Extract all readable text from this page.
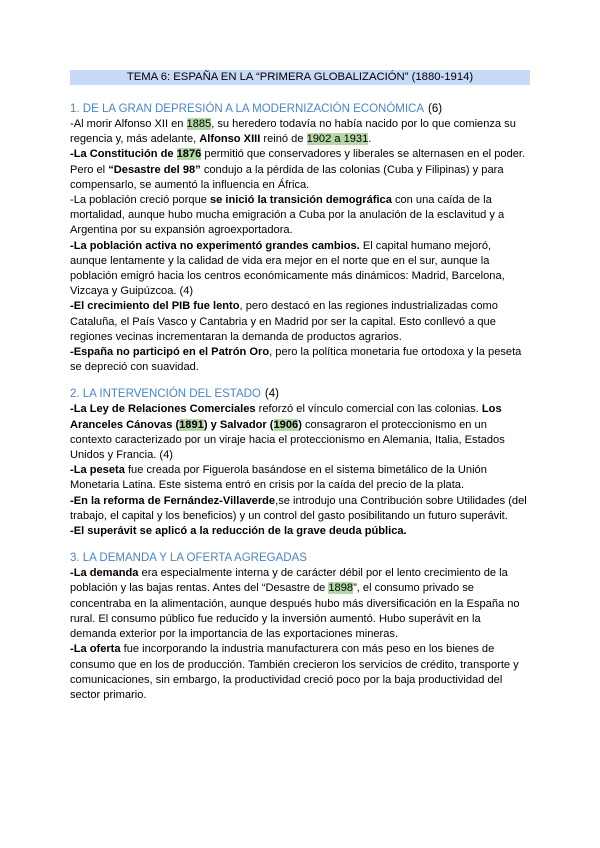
TEMA 6: ESPAÑA EN LA “PRIMERA GLOBALIZACIÓN” (1880-1914)
1. DE LA GRAN DEPRESIÓN A LA MODERNIZACIÓN ECONÓMICA (6)

-Al morir Alfonso XII en 1885, su heredero todavía no había nacido por lo que comienza su regencia y, más adelante, Alfonso XIII reinó de 1902 a 1931.

-La Constitución de 1876 permitió que conservadores y liberales se alternasen en el poder. Pero el “Desastre del 98” condujo a la pérdida de las colonias (Cuba y Filipinas) y para compensarlo, se aumentó la influencia en África.

-La población creció porque se inició la transición demográfica con una caída de la mortalidad, aunque hubo mucha emigración a Cuba por la anulación de la esclavitud y a Argentina por su expansión agroexportadora.

-La población activa no experimentó grandes cambios. El capital humano mejoró, aunque lentamente y la calidad de vida era mejor en el norte que en el sur, aunque la población emigró hacia los centros económicamente más dinámicos: Madrid, Barcelona, Vizcaya y Guipúzcoa. (4)

-El crecimiento del PIB fue lento, pero destacó en las regiones industrializadas como Cataluña, el País Vasco y Cantabria y en Madrid por ser la capital. Esto conllevó a que regiones vecinas incrementaran la demanda de productos agrarios.

-España no participó en el Patrón Oro, pero la política monetaria fue ortodoxa y la peseta se depreció con suavidad.

2. LA INTERVENCIÓN DEL ESTADO (4)

-La Ley de Relaciones Comerciales reforzó el vínculo comercial con las colonias. Los Aranceles Cánovas (1891) y Salvador (1906) consagraron el proteccionismo en un contexto caracterizado por un viraje hacia el proteccionismo en Alemania, Italia, Estados Unidos y Francia. (4)

-La peseta fue creada por Figuerola basándose en el sistema bimetálico de la Unión Monetaria Latina. Este sistema entró en crisis por la caída del precio de la plata.

-En la reforma de Fernández-Villaverde,se introdujo una Contribución sobre Utilidades (del trabajo, el capital y los beneficios) y un control del gasto posibilitando un futuro superávit.

-El superávit se aplicó a la reducción de la grave deuda pública.

3. LA DEMANDA Y LA OFERTA AGREGADAS

-La demanda era especialmente interna y de carácter débil por el lento crecimiento de la población y las bajas rentas. Antes del “Desastre de 1898”, el consumo privado se concentraba en la alimentación, aunque después hubo más diversificación en la España no rural. El consumo público fue reducido y la inversión aumentó. Hubo superávit en la demanda exterior por la importancia de las exportaciones mineras.

-La oferta fue incorporando la industria manufacturera con más peso en los bienes de consumo que en los de producción. También crecieron los servicios de crédito, transporte y comunicaciones, sin embargo, la productividad creció poco por la baja productividad del sector primario.
